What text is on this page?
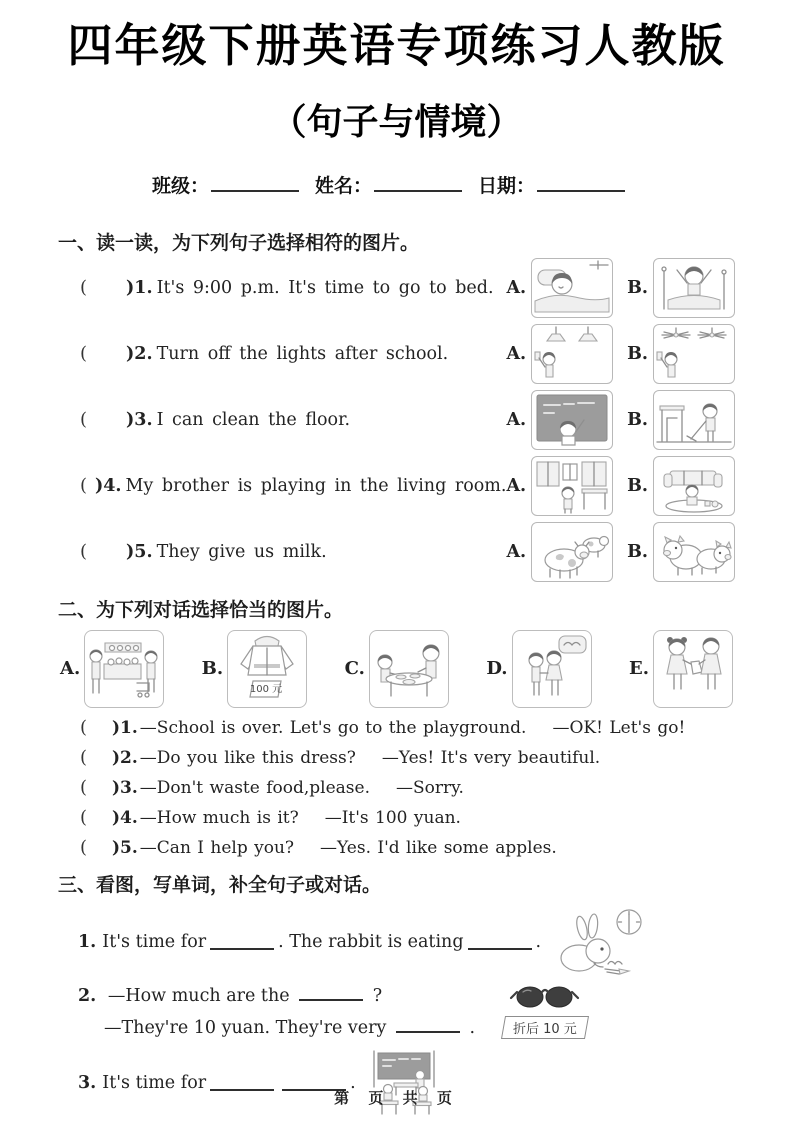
四年级下册英语专项练习人教版
（句子与情境）
班级：	姓名：	日期：
一、读一读，为下列句子选择相符的图片。
(	)1. It's 9:00 p.m. It's time to go to bed. A.	B.
(	)2. Turn off the lights after school.	A.	B.
(	)3. I can clean the floor.	A.	B.
( )4. My brother is playing in the living room. A.	B.
(	)5. They give us milk.	A.	B.
二、为下列对话选择恰当的图片。
A.	B.
100 元
C.	D.	E.
(	)1. —School is over. Let's go to the playground. —OK! Let's go!
(	)2. —Do you like this dress? —Yes! It's very beautiful.
(	)3. —Don't waste food,please. —Sorry.
(	)4. —How much is it? —It's 100 yuan.
(	)5. —Can I help you? —Yes. I'd like some apples.
三、看图，写单词，补全句子或对话。
1. It's time for	. The rabbit is eating	.
2. —How much are the	?
—They're 10 yuan. They're very	.	折后 10 元
3. It's time for	.
第 页 共 页
